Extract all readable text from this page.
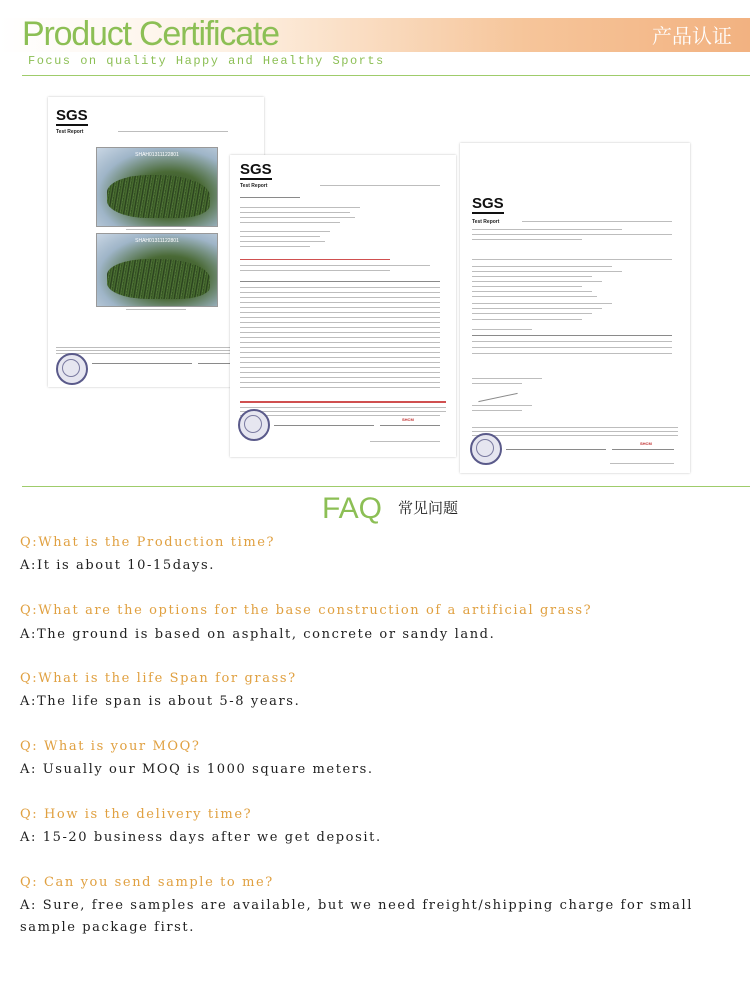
Product Certificate	产品认证
Focus on quality Happy and Healthy Sports
SGS
Test Report
SHAH01311122801
SHAH01311122801
SGS
Test Report
SHCM
SGS
Test Report
SHCM
FAQ 常见问题
Q:What is the Production time?
A:It is about 10-15days.
Q:What are the options for the base construction of a artificial grass?
A:The ground is based on asphalt, concrete or sandy land.
Q:What is the life Span for grass?
A:The life span is about 5-8 years.
Q: What is your MOQ?
A: Usually our MOQ is 1000 square meters.
Q: How is the delivery time?
A: 15-20 business days after we get deposit.
Q: Can you send sample to me?
A: Sure, free samples are available, but we need freight/shipping charge for small sample package first.
